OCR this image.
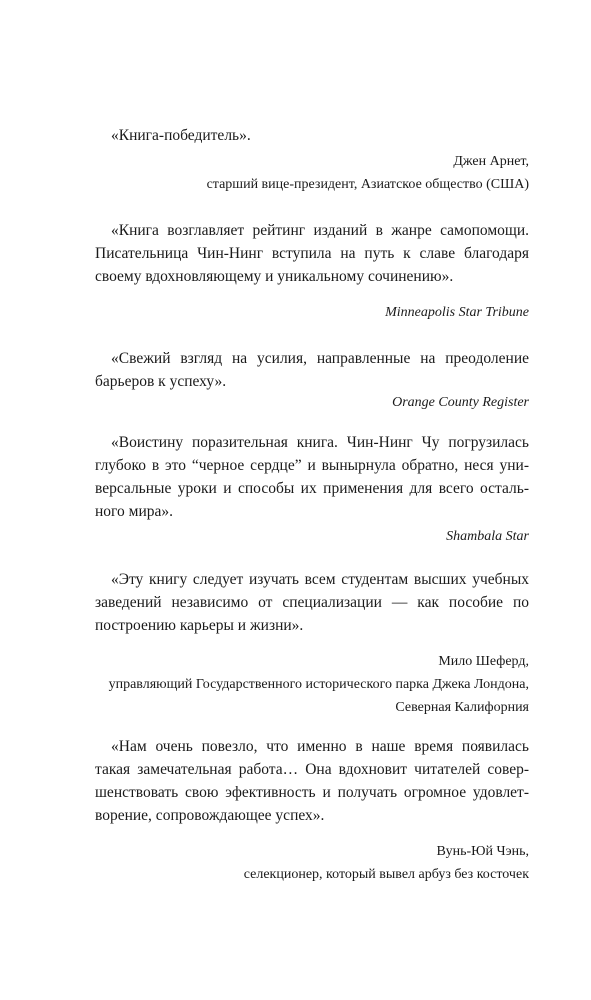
«Книга-победитель».

Джен Арнет,
старший вице-президент, Азиатское общество (США)

«Книга возглавляет рейтинг изданий в жанре самопомощи.
Писательница Чин-Нинг вступила на путь к славе благодаря
своему вдохновляющему и уникальному сочинению».

Minneapolis Star Tribune

«Свежий взгляд на усилия, направленные на преодоление
барьеров к успеху».

Orange County Register

«Воистину поразительная книга. Чин-Нинг Чу погрузилась
глубоко в это “черное сердце” и вынырнула обратно, неся уни-
версальные уроки и способы их применения для всего осталь-
ного мира».

Shambala Star

«Эту книгу следует изучать всем студентам высших учебных
заведений независимо от специализации — как пособие по
построению карьеры и жизни».

Мило Шеферд,
управляющий Государственного исторического парка Джека Лондона,
Северная Калифорния

«Нам очень повезло, что именно в наше время появилась
такая замечательная работа… Она вдохновит читателей совер-
шенствовать свою эфективность и получать огромное удовлет-
ворение, сопровождающее успех».

Вунь-Юй Чэнь,
селекционер, который вывел арбуз без косточек
